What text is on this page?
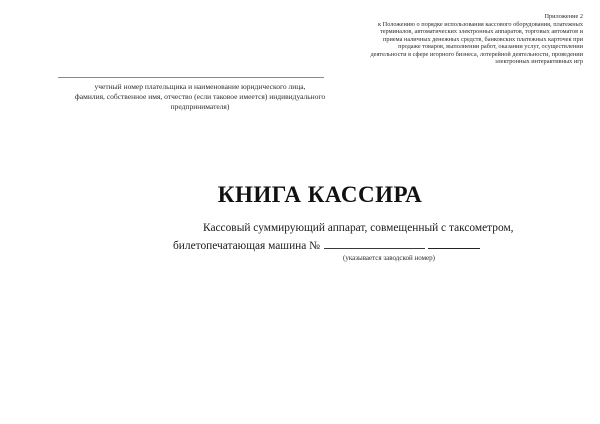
Приложение 2
к Положению о порядке использования кассового оборудования, платежных
терминалов, автоматических электронных аппаратов, торговых автоматов и
приема наличных денежных средств, банковских платежных карточек при
продаже товаров, выполнении работ, оказании услуг, осуществлении
деятельности в сфере игорного бизнеса, лотерейной деятельности, проведении
электронных интерактивных игр
учетный номер плательщика и наименование юридического лица,
фамилия, собственное имя, отчество (если таковое имеется) индивидуального
предпринимателя)
КНИГА КАССИРА
Кассовый суммирующий аппарат, совмещенный с таксометром,
билетопечатающая машина №
(указывается заводской номер)
